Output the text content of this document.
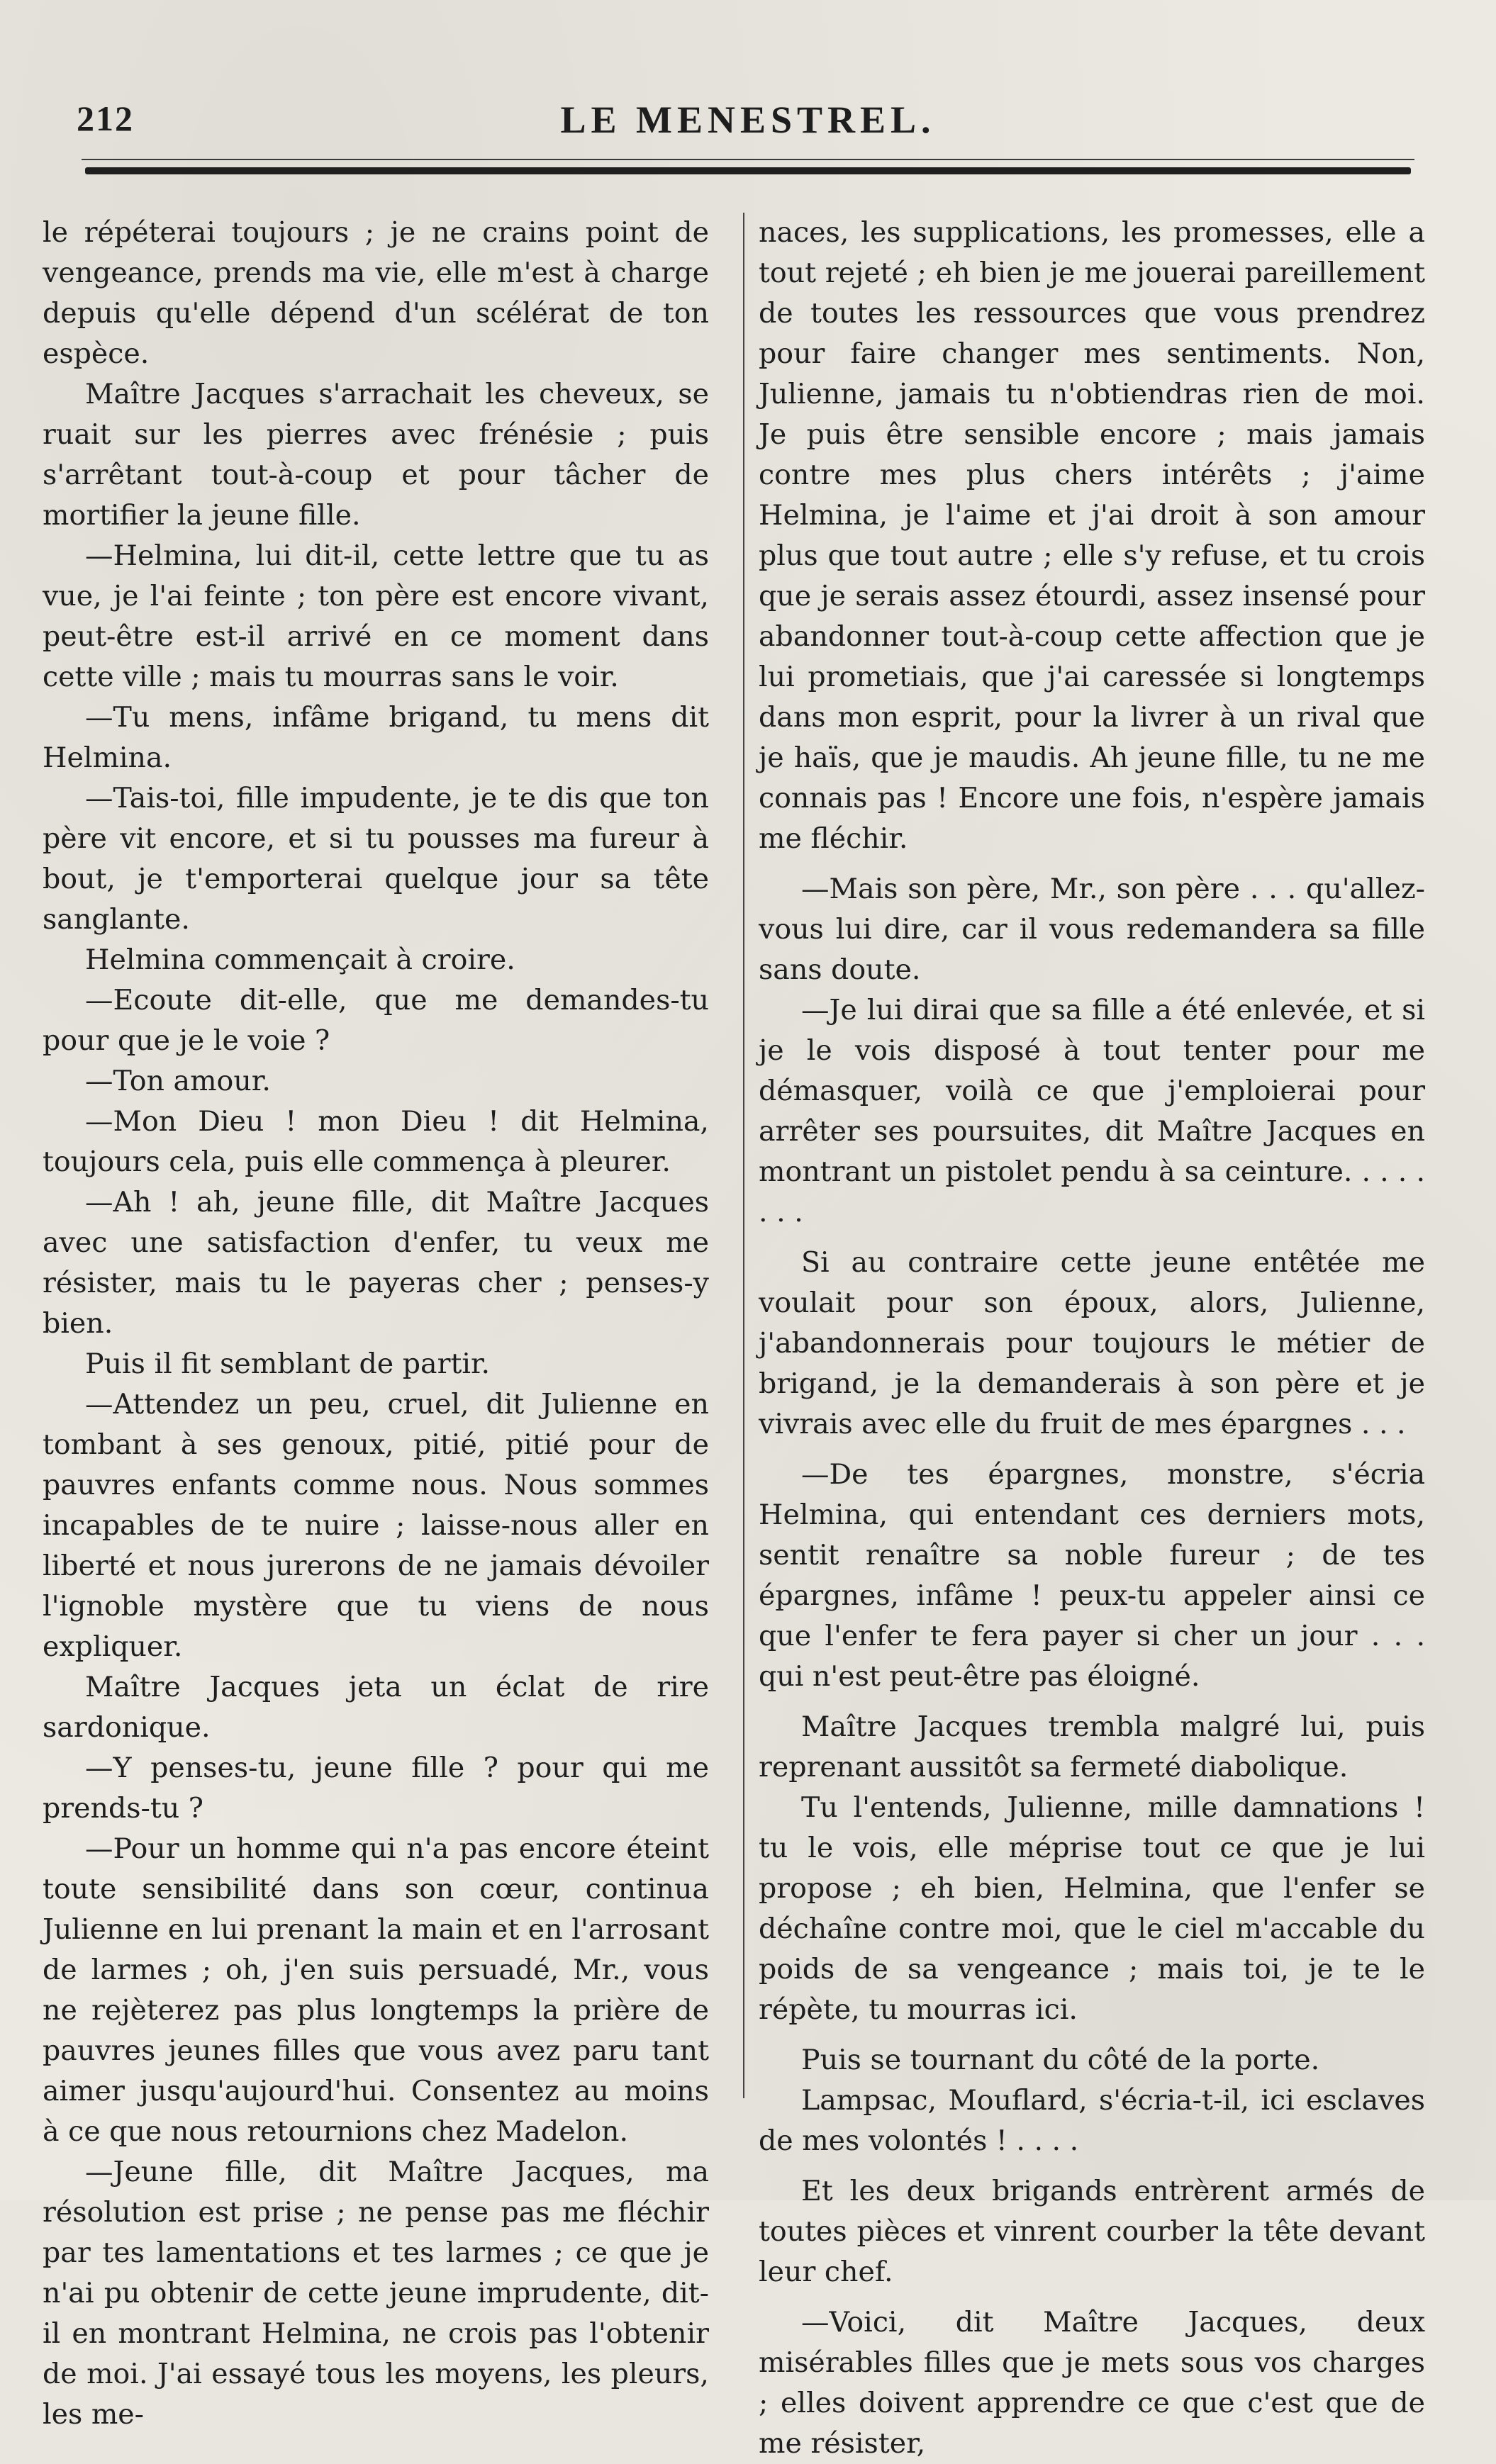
212	LE MENESTREL.

le répéterai toujours ; je ne crains point de vengeance, prends ma vie, elle m'est à charge depuis qu'elle dépend d'un scélérat de ton espèce.

Maître Jacques s'arrachait les cheveux, se ruait sur les pierres avec frénésie ; puis s'arrêtant tout-à-coup et pour tâcher de mortifier la jeune fille.

—Helmina, lui dit-il, cette lettre que tu as vue, je l'ai feinte ; ton père est encore vivant, peut-être est-il arrivé en ce moment dans cette ville ; mais tu mourras sans le voir.

—Tu mens, infâme brigand, tu mens dit Helmina.

—Tais-toi, fille impudente, je te dis que ton père vit encore, et si tu pousses ma fureur à bout, je t'emporterai quelque jour sa tête sanglante.

Helmina commençait à croire.

—Ecoute dit-elle, que me demandes-tu pour que je le voie ?

—Ton amour.

—Mon Dieu ! mon Dieu ! dit Helmina, toujours cela, puis elle commença à pleurer.

—Ah ! ah, jeune fille, dit Maître Jacques avec une satisfaction d'enfer, tu veux me résister, mais tu le payeras cher ; penses-y bien.

Puis il fit semblant de partir.

—Attendez un peu, cruel, dit Julienne en tombant à ses genoux, pitié, pitié pour de pauvres enfants comme nous. Nous sommes incapables de te nuire ; laisse-nous aller en liberté et nous jurerons de ne jamais dévoiler l'ignoble mystère que tu viens de nous expliquer.

Maître Jacques jeta un éclat de rire sardonique.

—Y penses-tu, jeune fille ? pour qui me prends-tu ?

—Pour un homme qui n'a pas encore éteint toute sensibilité dans son cœur, continua Julienne en lui prenant la main et en l'arrosant de larmes ; oh, j'en suis persuadé, Mr., vous ne rejèterez pas plus longtemps la prière de pauvres jeunes filles que vous avez paru tant aimer jusqu'aujourd'hui. Consentez au moins à ce que nous retournions chez Madelon.

—Jeune fille, dit Maître Jacques, ma résolution est prise ; ne pense pas me fléchir par tes lamentations et tes larmes ; ce que je n'ai pu obtenir de cette jeune imprudente, dit-il en montrant Helmina, ne crois pas l'obtenir de moi. J'ai essayé tous les moyens, les pleurs, les me-

naces, les supplications, les promesses, elle a tout rejeté ; eh bien je me jouerai pareillement de toutes les ressources que vous prendrez pour faire changer mes sentiments. Non, Julienne, jamais tu n'obtiendras rien de moi. Je puis être sensible encore ; mais jamais contre mes plus chers intérêts ; j'aime Helmina, je l'aime et j'ai droit à son amour plus que tout autre ; elle s'y refuse, et tu crois que je serais assez étourdi, assez insensé pour abandonner tout-à-coup cette affection que je lui prometiais, que j'ai caressée si longtemps dans mon esprit, pour la livrer à un rival que je haïs, que je maudis. Ah jeune fille, tu ne me connais pas ! Encore une fois, n'espère jamais me fléchir.

—Mais son père, Mr., son père . . . qu'allez-vous lui dire, car il vous redemandera sa fille sans doute.

—Je lui dirai que sa fille a été enlevée, et si je le vois disposé à tout tenter pour me démasquer, voilà ce que j'emploierai pour arrêter ses poursuites, dit Maître Jacques en montrant un pistolet pendu à sa ceinture. . . . . . . .

Si au contraire cette jeune entêtée me voulait pour son époux, alors, Julienne, j'abandonnerais pour toujours le métier de brigand, je la demanderais à son père et je vivrais avec elle du fruit de mes épargnes . . .

—De tes épargnes, monstre, s'écria Helmina, qui entendant ces derniers mots, sentit renaître sa noble fureur ; de tes épargnes, infâme ! peux-tu appeler ainsi ce que l'enfer te fera payer si cher un jour . . . qui n'est peut-être pas éloigné.

Maître Jacques trembla malgré lui, puis reprenant aussitôt sa fermeté diabolique.

Tu l'entends, Julienne, mille damnations ! tu le vois, elle méprise tout ce que je lui propose ; eh bien, Helmina, que l'enfer se déchaîne contre moi, que le ciel m'accable du poids de sa vengeance ; mais toi, je te le répète, tu mourras ici.

Puis se tournant du côté de la porte.

Lampsac, Mouflard, s'écria-t-il, ici esclaves de mes volontés ! . . . .

Et les deux brigands entrèrent armés de toutes pièces et vinrent courber la tête devant leur chef.

—Voici, dit Maître Jacques, deux misérables filles que je mets sous vos charges ; elles doivent apprendre ce que c'est que de me résister,
